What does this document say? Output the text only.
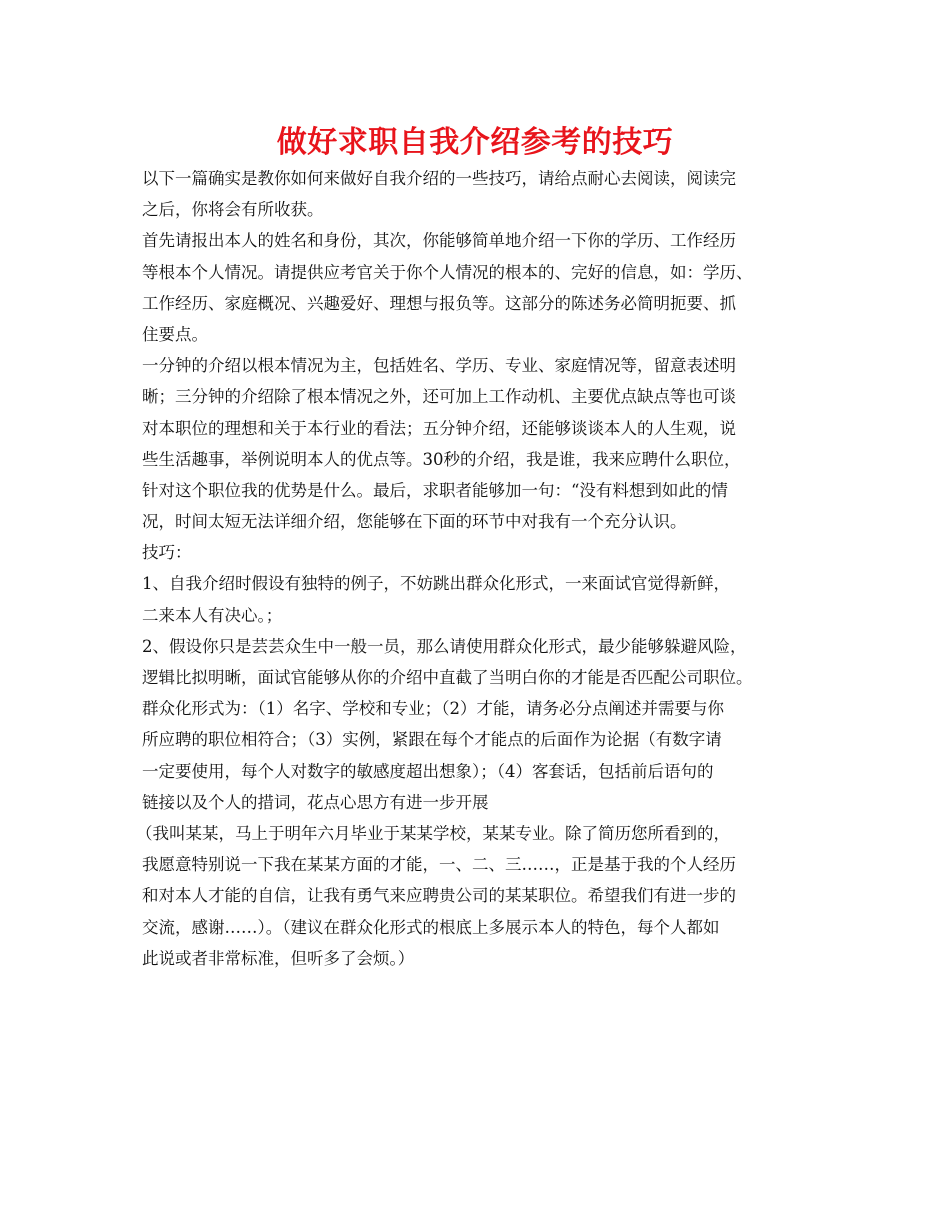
做好求职自我介绍参考的技巧
以下一篇确实是教你如何来做好自我介绍的一些技巧，请给点耐心去阅读，阅读完
之后，你将会有所收获。
首先请报出本人的姓名和身份，其次，你能够简单地介绍一下你的学历、工作经历
等根本个人情况。请提供应考官关于你个人情况的根本的、完好的信息，如：学历、
工作经历、家庭概况、兴趣爱好、理想与报负等。这部分的陈述务必简明扼要、抓
住要点。
一分钟的介绍以根本情况为主，包括姓名、学历、专业、家庭情况等，留意表述明
晰；三分钟的介绍除了根本情况之外，还可加上工作动机、主要优点缺点等也可谈
对本职位的理想和关于本行业的看法；五分钟介绍，还能够谈谈本人的人生观，说
些生活趣事，举例说明本人的优点等。30秒的介绍，我是谁，我来应聘什么职位，
针对这个职位我的优势是什么。最后，求职者能够加一句：“没有料想到如此的情
况，时间太短无法详细介绍，您能够在下面的环节中对我有一个充分认识。
技巧：
1、自我介绍时假设有独特的例子，不妨跳出群众化形式，一来面试官觉得新鲜，
二来本人有决心。；
2、假设你只是芸芸众生中一般一员，那么请使用群众化形式，最少能够躲避风险，
逻辑比拟明晰，面试官能够从你的介绍中直截了当明白你的才能是否匹配公司职位。
群众化形式为：（1）名字、学校和专业；（2）才能，请务必分点阐述并需要与你
所应聘的职位相符合；（3）实例，紧跟在每个才能点的后面作为论据（有数字请
一定要使用，每个人对数字的敏感度超出想象）；（4）客套话，包括前后语句的
链接以及个人的措词，花点心思方有进一步开展
（我叫某某，马上于明年六月毕业于某某学校，某某专业。除了简历您所看到的，
我愿意特别说一下我在某某方面的才能，一、二、三……，正是基于我的个人经历
和对本人才能的自信，让我有勇气来应聘贵公司的某某职位。希望我们有进一步的
交流，感谢……）。（建议在群众化形式的根底上多展示本人的特色，每个人都如
此说或者非常标准，但听多了会烦。）
